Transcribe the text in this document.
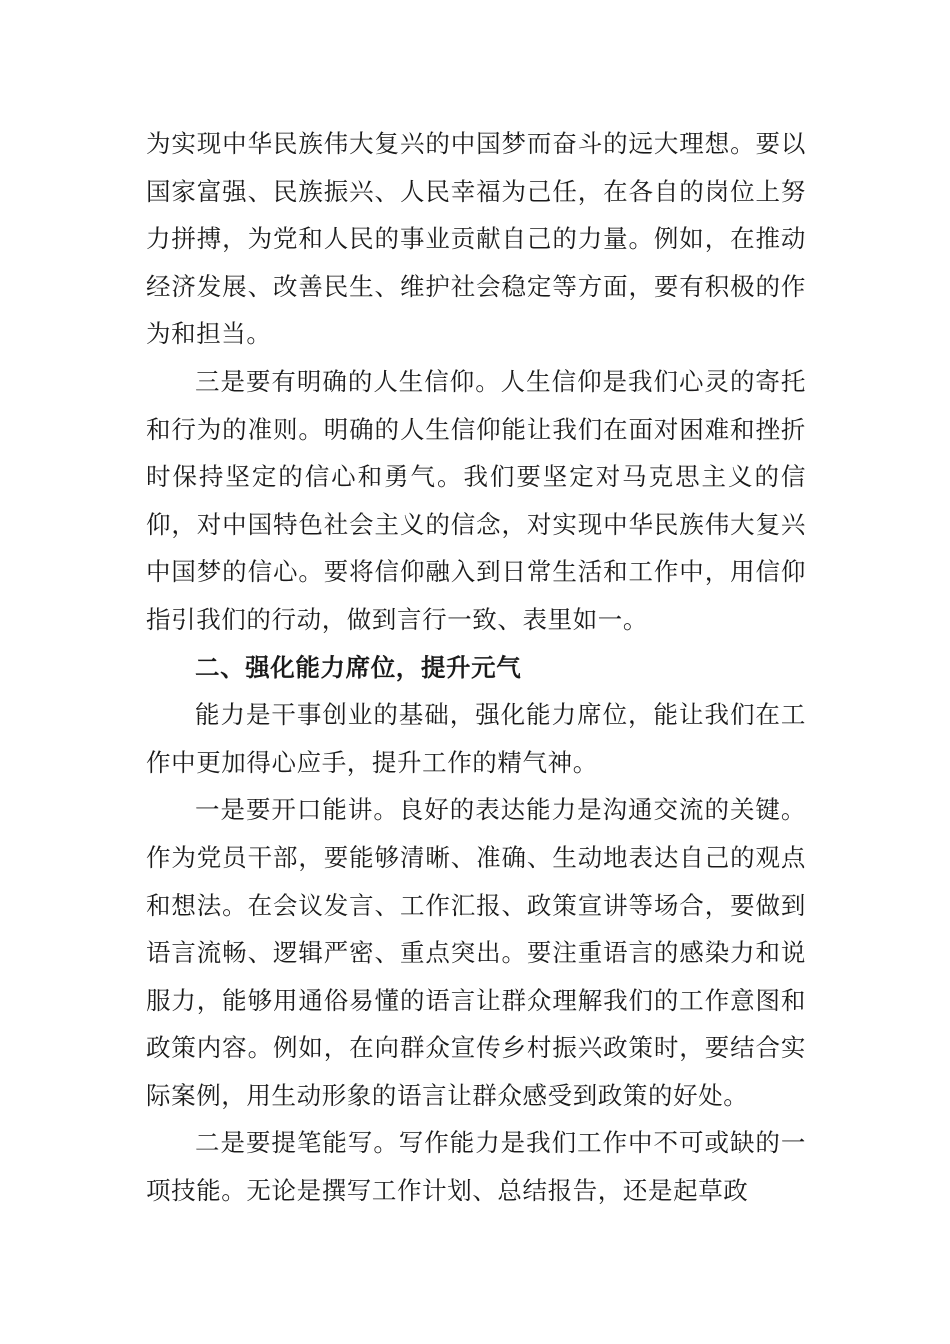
为实现中华民族伟大复兴的中国梦而奋斗的远大理想。要以国家富强、民族振兴、人民幸福为己任，在各自的岗位上努力拼搏，为党和人民的事业贡献自己的力量。例如，在推动经济发展、改善民生、维护社会稳定等方面，要有积极的作为和担当。

三是要有明确的人生信仰。人生信仰是我们心灵的寄托和行为的准则。明确的人生信仰能让我们在面对困难和挫折时保持坚定的信心和勇气。我们要坚定对马克思主义的信仰，对中国特色社会主义的信念，对实现中华民族伟大复兴中国梦的信心。要将信仰融入到日常生活和工作中，用信仰指引我们的行动，做到言行一致、表里如一。

二、强化能力席位，提升元气

能力是干事创业的基础，强化能力席位，能让我们在工作中更加得心应手，提升工作的精气神。

一是要开口能讲。良好的表达能力是沟通交流的关键。作为党员干部，要能够清晰、准确、生动地表达自己的观点和想法。在会议发言、工作汇报、政策宣讲等场合，要做到语言流畅、逻辑严密、重点突出。要注重语言的感染力和说服力，能够用通俗易懂的语言让群众理解我们的工作意图和政策内容。例如，在向群众宣传乡村振兴政策时，要结合实际案例，用生动形象的语言让群众感受到政策的好处。

二是要提笔能写。写作能力是我们工作中不可或缺的一项技能。无论是撰写工作计划、总结报告，还是起草政
